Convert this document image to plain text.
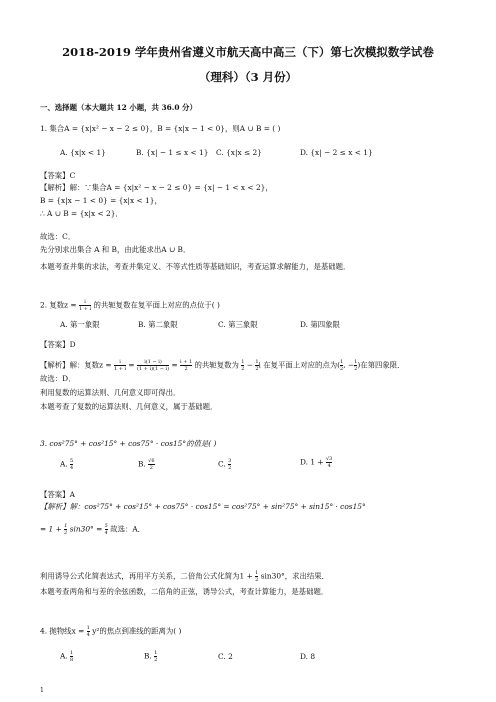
2018-2019 学年贵州省遵义市航天高中高三（下）第七次模拟数学试卷
（理科）（3 月份）
一、选择题（本大题共 12 小题，共 36.0 分）
1. 集合A = {x|x² − x − 2 ≤ 0}，B = {x|x − 1 < 0}，则A ∪ B = ( )
A. {x|x < 1}	B. {x| − 1 ≤ x < 1} C. {x|x ≤ 2}	D. {x| − 2 ≤ x < 1}
【答案】C
【解析】解：∵集合A = {x|x² − x − 2 ≤ 0} = {x| − 1 < x < 2}，
B = {x|x − 1 < 0} = {x|x < 1}，
∴ A ∪ B = {x|x < 2}．
故选：C．
先分别求出集合 A 和 B，由此能求出A ∪ B．
本题考查并集的求法，考查并集定义、不等式性质等基础知识，考查运算求解能力，是基础题．
2. 复数$z = \frac{i}{1 + i}$ 的共轭复数在复平面上对应的点位于( )
A. 第一象限	B. 第二象限	C. 第三象限	D. 第四象限
【答案】D
【解析】解：复数$z = \frac{i}{1 + i} = \frac{i(1 - i)}{(1 + i)(1 - i)} = \frac{i + 1}{2}$ 的共轭复数为 $\frac{1}{2} - \frac{1}{2}$ i 在复平面上对应的点为( $\frac{1}{2}$ , − $\frac{1}{2}$ )在第四象限．
故选：D．
利用复数的运算法则、几何意义即可得出．
本题考查了复数的运算法则、几何意义，属于基础题．
3. cos²75° + cos²15° + cos75° · cos15°的值是( )
A. $\frac{5}{4}$	B. $\frac{√6}{2}$	C. $\frac{3}{2}$	D. $1 + \frac{√3}{4}$
【答案】A
【解析】解：cos²75° + cos²15° + cos75° · cos15° = cos²75° + sin²75° + sin15° · cos15°
= $1 + \frac{1}{2} \sin 30^\circ = \frac{5}{4}$ 故选：A．
利用诱导公式化简表达式，再用平方关系，二倍角公式化简为$1 + \frac{1}{2} \sin 30^\circ$，求出结果．
本题考查两角和与差的余弦函数，二倍角的正弦，诱导公式，考查计算能力，是基础题．
4. 抛物线$x = \frac{1}{4} y^2$的焦点到准线的距离为( )
A. $\frac{1}{8}$	B. $\frac{1}{2}$	C. 2	D. 8
1
